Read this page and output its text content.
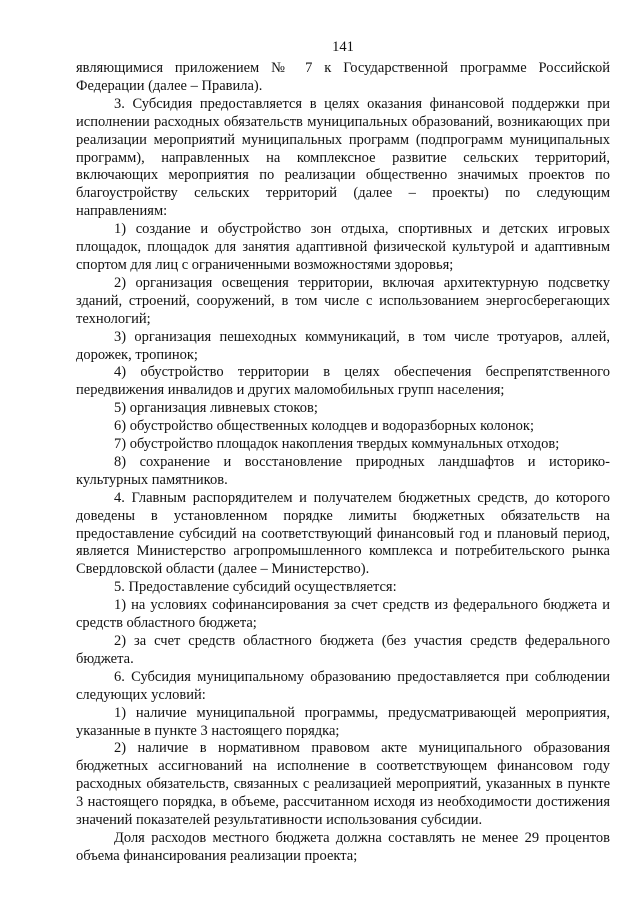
141

являющимися приложением № 7 к Государственной программе Российской Федерации (далее – Правила).

3. Субсидия предоставляется в целях оказания финансовой поддержки при исполнении расходных обязательств муниципальных образований, возникающих при реализации мероприятий муниципальных программ (подпрограмм муниципальных программ), направленных на комплексное развитие сельских территорий, включающих мероприятия по реализации общественно значимых проектов по благоустройству сельских территорий (далее – проекты) по следующим направлениям:

1) создание и обустройство зон отдыха, спортивных и детских игровых площадок, площадок для занятия адаптивной физической культурой и адаптивным спортом для лиц с ограниченными возможностями здоровья;

2) организация освещения территории, включая архитектурную подсветку зданий, строений, сооружений, в том числе с использованием энергосберегающих технологий;

3) организация пешеходных коммуникаций, в том числе тротуаров, аллей, дорожек, тропинок;

4) обустройство территории в целях обеспечения беспрепятственного передвижения инвалидов и других маломобильных групп населения;

5) организация ливневых стоков;

6) обустройство общественных колодцев и водоразборных колонок;

7) обустройство площадок накопления твердых коммунальных отходов;

8) сохранение и восстановление природных ландшафтов и историко-культурных памятников.

4. Главным распорядителем и получателем бюджетных средств, до которого доведены в установленном порядке лимиты бюджетных обязательств на предоставление субсидий на соответствующий финансовый год и плановый период, является Министерство агропромышленного комплекса и потребительского рынка Свердловской области (далее – Министерство).

5. Предоставление субсидий осуществляется:

1) на условиях софинансирования за счет средств из федерального бюджета и средств областного бюджета;

2) за счет средств областного бюджета (без участия средств федерального бюджета.

6. Субсидия муниципальному образованию предоставляется при соблюдении следующих условий:

1) наличие муниципальной программы, предусматривающей мероприятия, указанные в пункте 3 настоящего порядка;

2) наличие в нормативном правовом акте муниципального образования бюджетных ассигнований на исполнение в соответствующем финансовом году расходных обязательств, связанных с реализацией мероприятий, указанных в пункте 3 настоящего порядка, в объеме, рассчитанном исходя из необходимости достижения значений показателей результативности использования субсидии.

Доля расходов местного бюджета должна составлять не менее 29 процентов объема финансирования реализации проекта;
